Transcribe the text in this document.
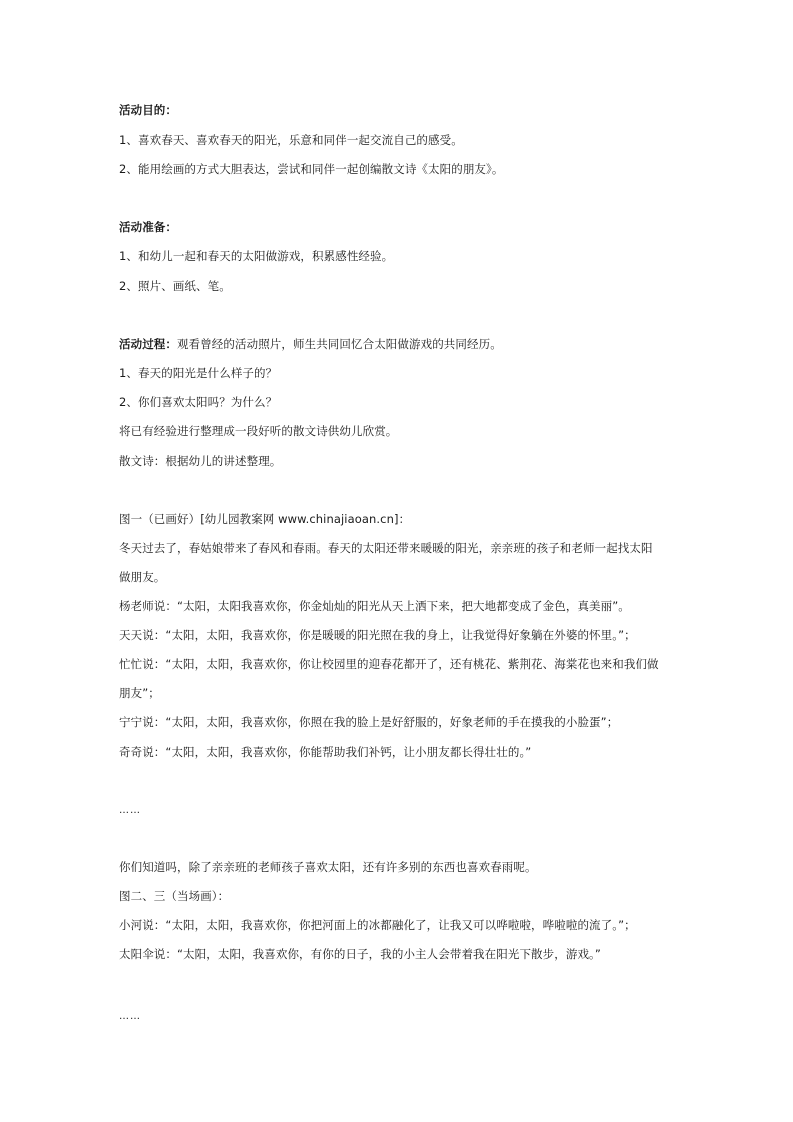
活动目的：
1、喜欢春天、喜欢春天的阳光，乐意和同伴一起交流自己的感受。
2、能用绘画的方式大胆表达，尝试和同伴一起创编散文诗《太阳的朋友》。
活动准备：
1、和幼儿一起和春天的太阳做游戏，积累感性经验。
2、照片、画纸、笔。
活动过程：观看曾经的活动照片，师生共同回忆合太阳做游戏的共同经历。
1、春天的阳光是什么样子的？
2、你们喜欢太阳吗？为什么？
将已有经验进行整理成一段好听的散文诗供幼儿欣赏。
散文诗：根据幼儿的讲述整理。
图一（已画好）[幼儿园教案网 www.chinajiaoan.cn]：
冬天过去了，春姑娘带来了春风和春雨。春天的太阳还带来暖暖的阳光，亲亲班的孩子和老师一起找太阳
做朋友。
杨老师说：“太阳，太阳我喜欢你，你金灿灿的阳光从天上洒下来，把大地都变成了金色，真美丽”。
天天说：“太阳，太阳，我喜欢你，你是暖暖的阳光照在我的身上，让我觉得好象躺在外婆的怀里。”；
忙忙说：“太阳，太阳，我喜欢你，你让校园里的迎春花都开了，还有桃花、紫荆花、海棠花也来和我们做
朋友”；
宁宁说：“太阳，太阳，我喜欢你，你照在我的脸上是好舒服的，好象老师的手在摸我的小脸蛋”；
奇奇说：“太阳，太阳，我喜欢你，你能帮助我们补钙，让小朋友都长得壮壮的。”
……
你们知道吗，除了亲亲班的老师孩子喜欢太阳，还有许多别的东西也喜欢春雨呢。
图二、三（当场画）：
小河说：“太阳，太阳，我喜欢你，你把河面上的冰都融化了，让我又可以哗啦啦，哗啦啦的流了。”；
太阳伞说：“太阳，太阳，我喜欢你，有你的日子，我的小主人会带着我在阳光下散步，游戏。”
……
